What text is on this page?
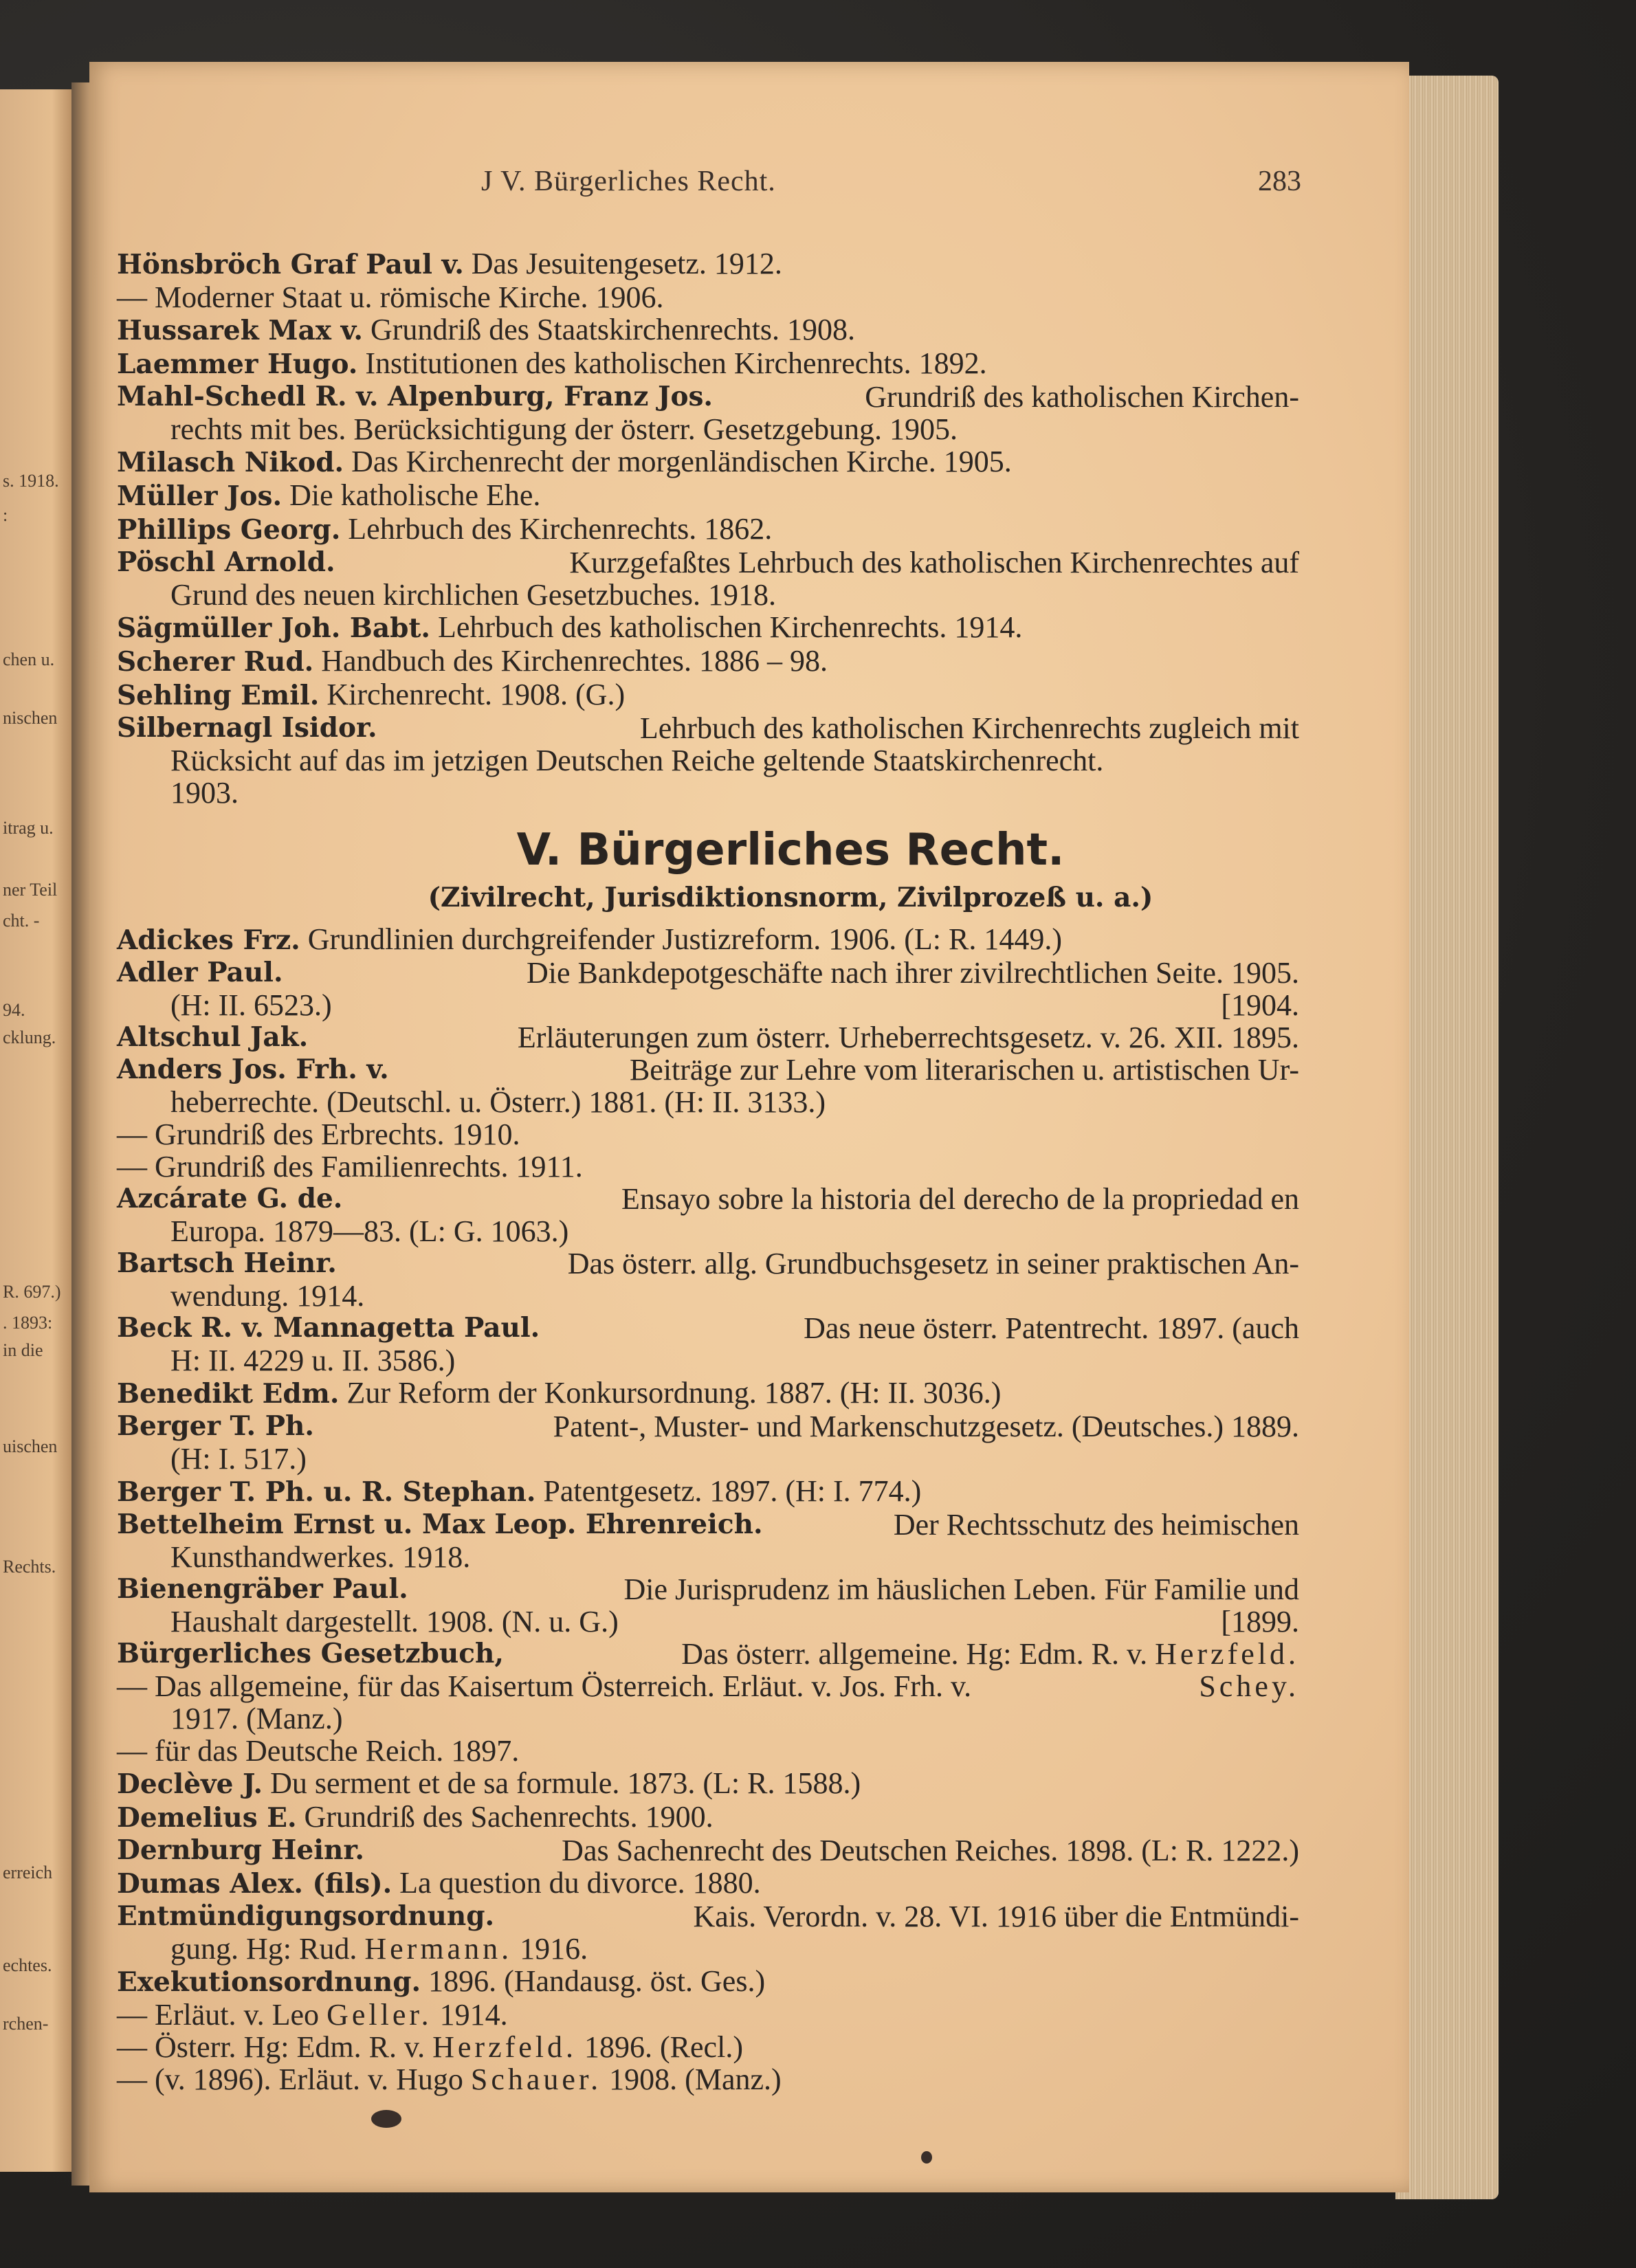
s. 1918.
:
chen u.
nischen
itrag u.
ner Teil
cht. -
94.
cklung.
R. 697.)
. 1893:
in die
uischen
Rechts.
erreich
echtes.
rchen-
J V. Bürgerliches Recht.	283
Hönsbröch Graf Paul v. Das Jesuitengesetz. 1912.
— Moderner Staat u. römische Kirche. 1906.
Hussarek Max v. Grundriß des Staatskirchenrechts. 1908.
Laemmer Hugo. Institutionen des katholischen Kirchenrechts. 1892.
Mahl-Schedl R. v. Alpenburg, Franz Jos.	Grundriß des katholischen Kirchen-
rechts mit bes. Berücksichtigung der österr. Gesetzgebung. 1905.
Milasch Nikod. Das Kirchenrecht der morgenländischen Kirche. 1905.
Müller Jos. Die katholische Ehe.
Phillips Georg. Lehrbuch des Kirchenrechts. 1862.
Pöschl Arnold.	Kurzgefaßtes Lehrbuch des katholischen Kirchenrechtes auf
Grund des neuen kirchlichen Gesetzbuches. 1918.
Sägmüller Joh. Babt. Lehrbuch des katholischen Kirchenrechts. 1914.
Scherer Rud. Handbuch des Kirchenrechtes. 1886 – 98.
Sehling Emil. Kirchenrecht. 1908. (G.)
Silbernagl Isidor.	Lehrbuch des katholischen Kirchenrechts zugleich mit
Rücksicht auf das im jetzigen Deutschen Reiche geltende Staatskirchenrecht.
1903.
V. Bürgerliches Recht.
(Zivilrecht, Jurisdiktionsnorm, Zivilprozeß u. a.)
Adickes Frz. Grundlinien durchgreifender Justizreform. 1906. (L: R. 1449.)
Adler Paul.	Die Bankdepotgeschäfte nach ihrer zivilrechtlichen Seite. 1905.
(H: II. 6523.)	[1904.
Altschul Jak.	Erläuterungen zum österr. Urheberrechtsgesetz. v. 26. XII. 1895.
Anders Jos. Frh. v.	Beiträge zur Lehre vom literarischen u. artistischen Ur-
heberrechte. (Deutschl. u. Österr.) 1881. (H: II. 3133.)
— Grundriß des Erbrechts. 1910.
— Grundriß des Familienrechts. 1911.
Azcárate G. de.	Ensayo sobre la historia del derecho de la propriedad en
Europa. 1879—83. (L: G. 1063.)
Bartsch Heinr.	Das österr. allg. Grundbuchsgesetz in seiner praktischen An-
wendung. 1914.
Beck R. v. Mannagetta Paul.	Das neue österr. Patentrecht. 1897. (auch
H: II. 4229 u. II. 3586.)
Benedikt Edm. Zur Reform der Konkursordnung. 1887. (H: II. 3036.)
Berger T. Ph.	Patent-, Muster- und Markenschutzgesetz. (Deutsches.) 1889.
(H: I. 517.)
Berger T. Ph. u. R. Stephan. Patentgesetz. 1897. (H: I. 774.)
Bettelheim Ernst u. Max Leop. Ehrenreich.	Der Rechtsschutz des heimischen
Kunsthandwerkes. 1918.
Bienengräber Paul.	Die Jurisprudenz im häuslichen Leben. Für Familie und
Haushalt dargestellt. 1908. (N. u. G.)	[1899.
Bürgerliches Gesetzbuch,	Das österr. allgemeine. Hg: Edm. R. v. Herzfeld.
— Das allgemeine, für das Kaisertum Österreich. Erläut. v. Jos. Frh. v.	Schey.
1917. (Manz.)
— für das Deutsche Reich. 1897.
Declève J. Du serment et de sa formule. 1873. (L: R. 1588.)
Demelius E. Grundriß des Sachenrechts. 1900.
Dernburg Heinr.	Das Sachenrecht des Deutschen Reiches. 1898. (L: R. 1222.)
Dumas Alex. (fils). La question du divorce. 1880.
Entmündigungsordnung.	Kais. Verordn. v. 28. VI. 1916 über die Entmündi-
gung. Hg: Rud. Hermann. 1916.
Exekutionsordnung. 1896. (Handausg. öst. Ges.)
— Erläut. v. Leo Geller. 1914.
— Österr. Hg: Edm. R. v. Herzfeld. 1896. (Recl.)
— (v. 1896). Erläut. v. Hugo Schauer. 1908. (Manz.)
